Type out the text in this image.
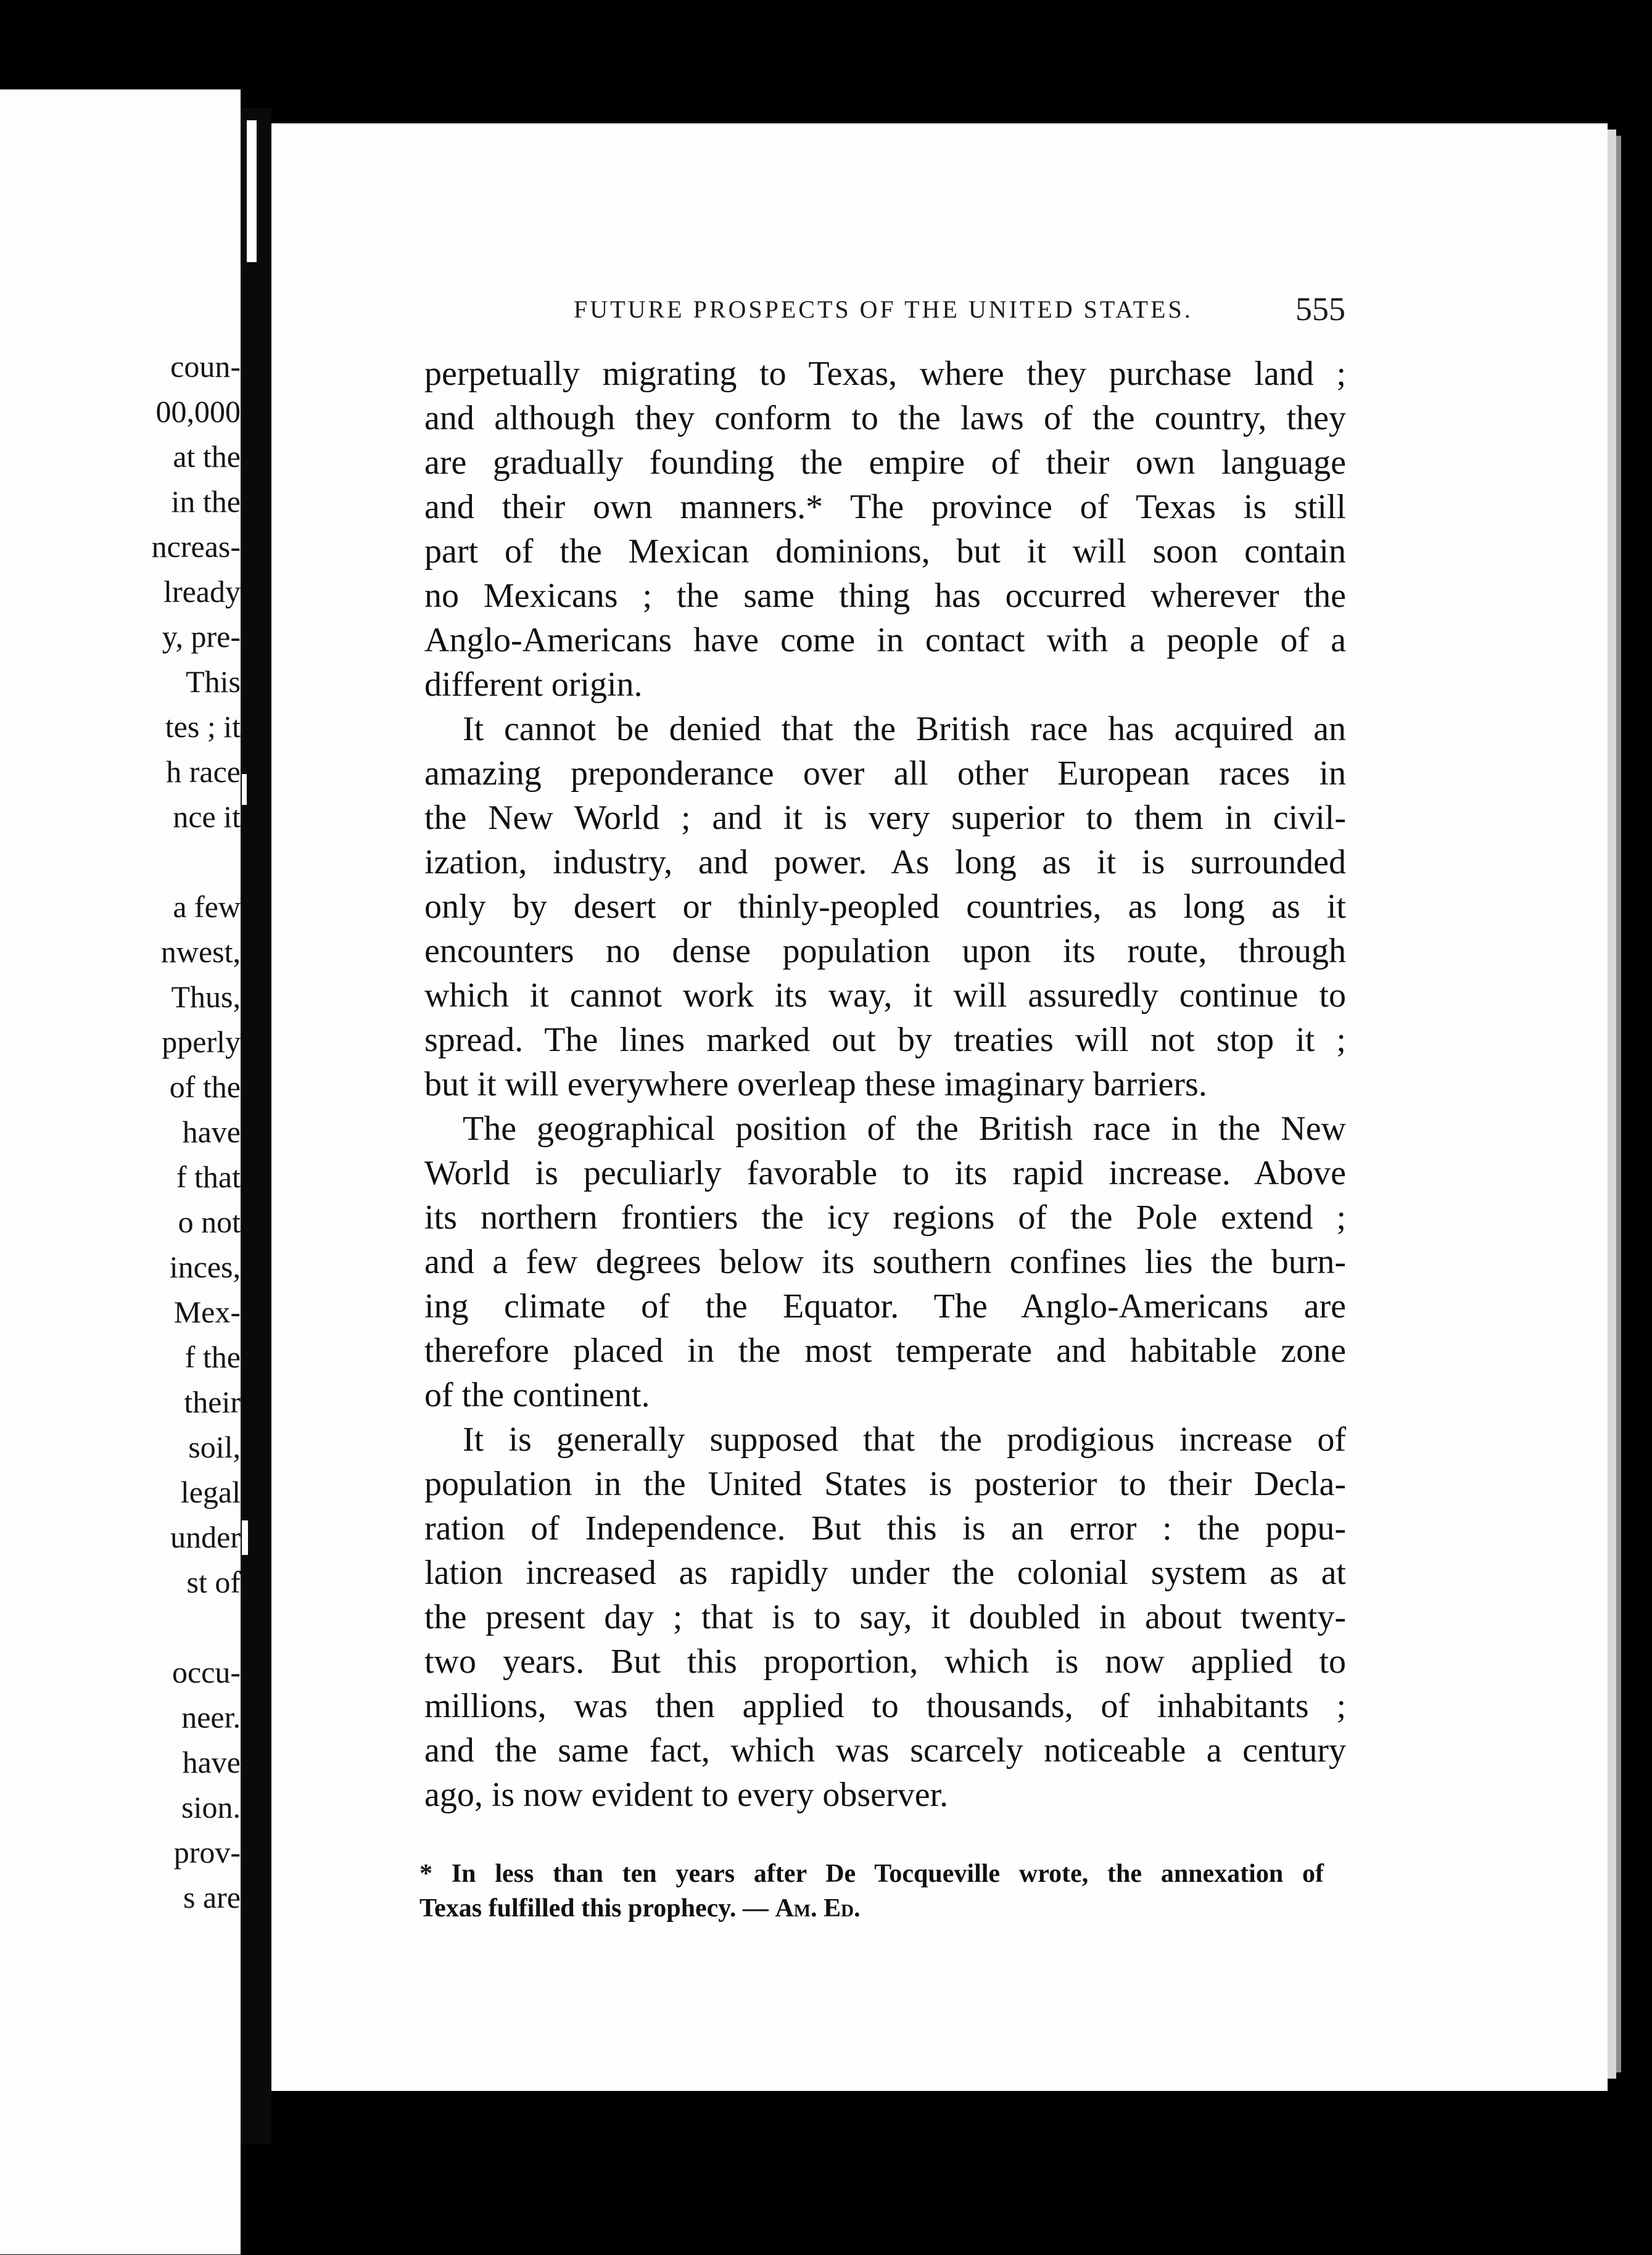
coun-
00,000
at the
in the
ncreas-
lready
y, pre-
This
tes ; it
h race
nce it
a few
nwest,
Thus,
pperly
of the
have
f that
o not
inces,
Mex-
f the
their
soil,
legal
under
st of
occu-
neer.
have
sion.
prov-
s are
FUTURE PROSPECTS OF THE UNITED STATES.	555
perpetually migrating to Texas, where they purchase land ;
and although they conform to the laws of the country, they
are gradually founding the empire of their own language
and their own manners.* The province of Texas is still
part of the Mexican dominions, but it will soon contain
no Mexicans ; the same thing has occurred wherever the
Anglo-Americans have come in contact with a people of a
different origin.
It cannot be denied that the British race has acquired an
amazing preponderance over all other European races in
the New World ; and it is very superior to them in civil-
ization, industry, and power. As long as it is surrounded
only by desert or thinly-peopled countries, as long as it
encounters no dense population upon its route, through
which it cannot work its way, it will assuredly continue to
spread. The lines marked out by treaties will not stop it ;
but it will everywhere overleap these imaginary barriers.
The geographical position of the British race in the New
World is peculiarly favorable to its rapid increase. Above
its northern frontiers the icy regions of the Pole extend ;
and a few degrees below its southern confines lies the burn-
ing climate of the Equator. The Anglo-Americans are
therefore placed in the most temperate and habitable zone
of the continent.
It is generally supposed that the prodigious increase of
population in the United States is posterior to their Decla-
ration of Independence. But this is an error : the popu-
lation increased as rapidly under the colonial system as at
the present day ; that is to say, it doubled in about twenty-
two years. But this proportion, which is now applied to
millions, was then applied to thousands, of inhabitants ;
and the same fact, which was scarcely noticeable a century
ago, is now evident to every observer.
* In less than ten years after De Tocqueville wrote, the annexation of
Texas fulfilled this prophecy. — Am. Ed.
